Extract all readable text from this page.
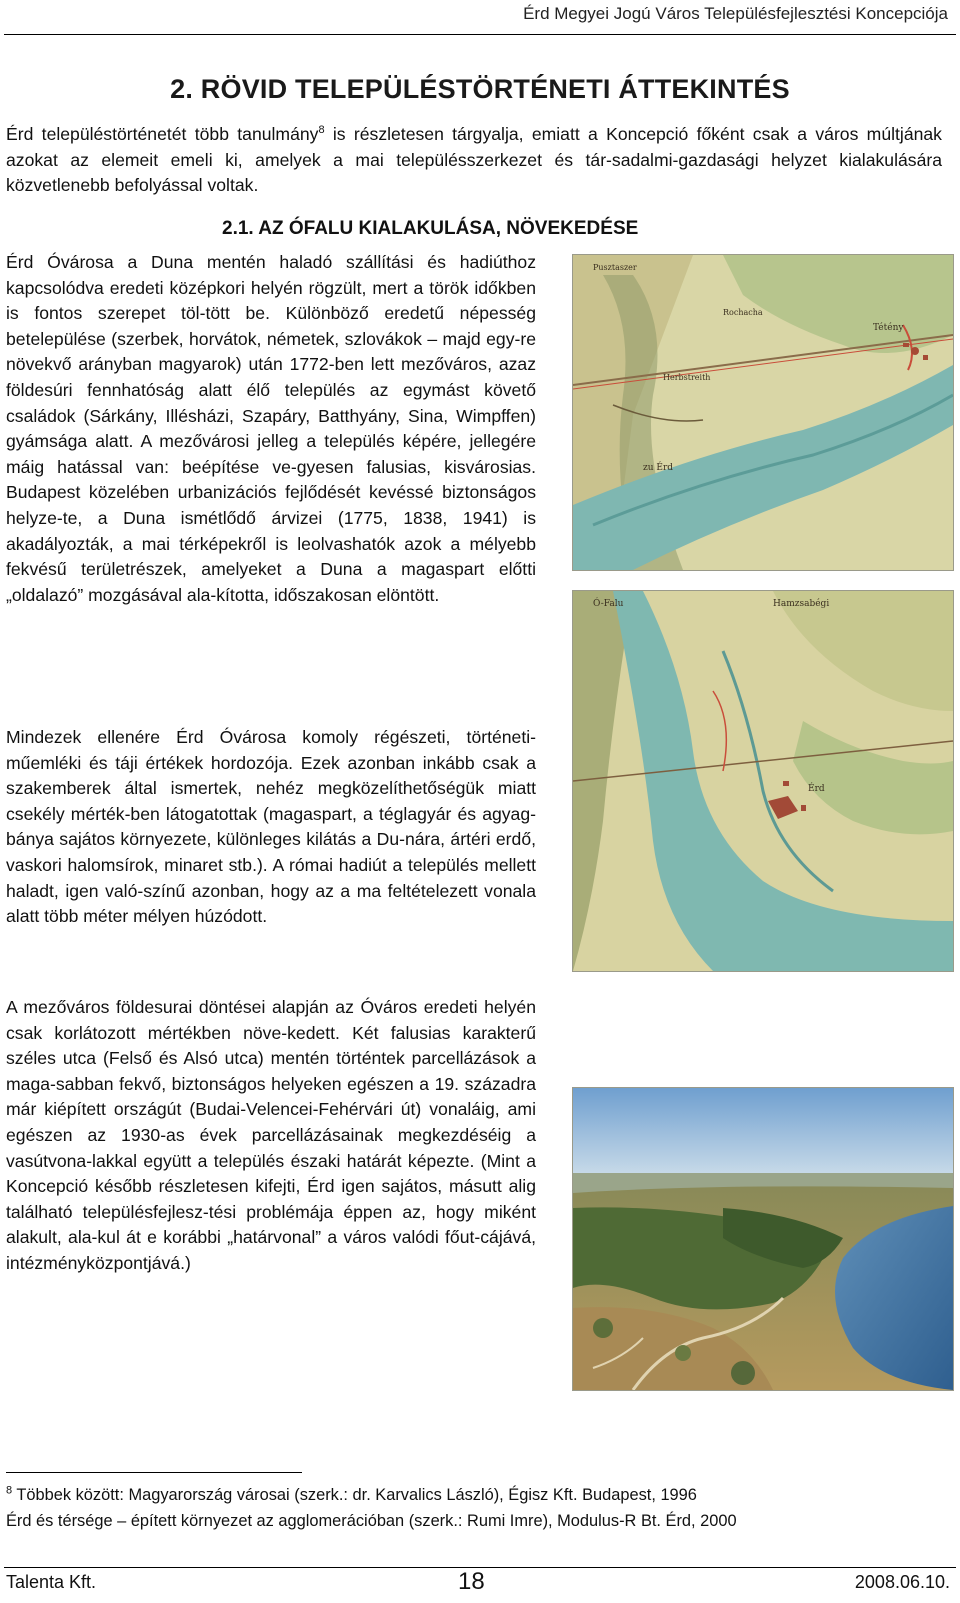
Érd Megyei Jogú Város Településfejlesztési Koncepciója
2. RÖVID TELEPÜLÉSTÖRTÉNETI ÁTTEKINTÉS

Érd településtörténetét több tanulmány$^8$ is részletesen tárgyalja, emiatt a Koncepció főként csak a város múltjának azokat az elemeit emeli ki, amelyek a mai településszerkezet és tár-sadalmi-gazdasági helyzet kialakulására közvetlenebb befolyással voltak.

2.1. AZ ÓFALU KIALAKULÁSA, NÖVEKEDÉSE

Érd Óvárosa a Duna mentén haladó szállítási és hadiúthoz kapcsolódva eredeti középkori helyén rögzült, mert a török időkben is fontos szerepet töl-tött be. Különböző eredetű népesség betelepülése (szerbek, horvátok, németek, szlovákok – majd egy-re növekvő arányban magyarok) után 1772-ben lett mezőváros, azaz földesúri fennhatóság alatt élő település az egymást követő családok (Sárkány, Illésházi, Szapáry, Batthyány, Sina, Wimpffen) gyámsága alatt. A mezővárosi jelleg a település képére, jellegére máig hatással van: beépítése ve-gyesen falusias, kisvárosias. Budapest közelében urbanizációs fejlődését kevéssé biztonságos helyze-te, a Duna ismétlődő árvizei (1775, 1838, 1941) is akadályozták, a mai térképekről is leolvashatók azok a mélyebb fekvésű területrészek, amelyeket a Duna a magaspart előtti „oldalazó” mozgásával ala-kította, időszakosan elöntött.

Mindezek ellenére Érd Óvárosa komoly régészeti, történeti-műemléki és táji értékek hordozója. Ezek azonban inkább csak a szakemberek által ismertek, nehéz megközelíthetőségük miatt csekély mérték-ben látogatottak (magaspart, a téglagyár és agyag-bánya sajátos környezete, különleges kilátás a Du-nára, ártéri erdő, vaskori halomsírok, minaret stb.). A római hadiút a település mellett haladt, igen való-színű azonban, hogy az a ma feltételezett vonala alatt több méter mélyen húzódott.

A mezőváros földesurai döntései alapján az Óváros eredeti helyén csak korlátozott mértékben növe-kedett. Két falusias karakterű széles utca (Felső és Alsó utca) mentén történtek parcellázások a maga-sabban fekvő, biztonságos helyeken egészen a 19. századra már kiépített országút (Budai-Velencei-Fehérvári út) vonaláig, ami egészen az 1930-as évek parcellázásainak megkezdéséig a vasútvona-lakkal együtt a település északi határát képezte. (Mint a Koncepció később részletesen kifejti, Érd igen sajátos, másutt alig található településfejlesz-tési problémája éppen az, hogy miként alakult, ala-kul át e korábbi „határvonal” a város valódi főut-cájává, intézményközpontjává.)

Tétény
zu Érd
Pusztaszer
Herbstreith
Rochacha
Ó-Falu	Hamzsabégi
Érd
$^8$ Többek között: Magyarország városai (szerk.: dr. Karvalics László), Égisz Kft. Budapest, 1996
Érd és térsége – épített környezet az agglomerációban (szerk.: Rumi Imre), Modulus-R Bt. Érd, 2000
Talenta Kft.	18	2008.06.10.
